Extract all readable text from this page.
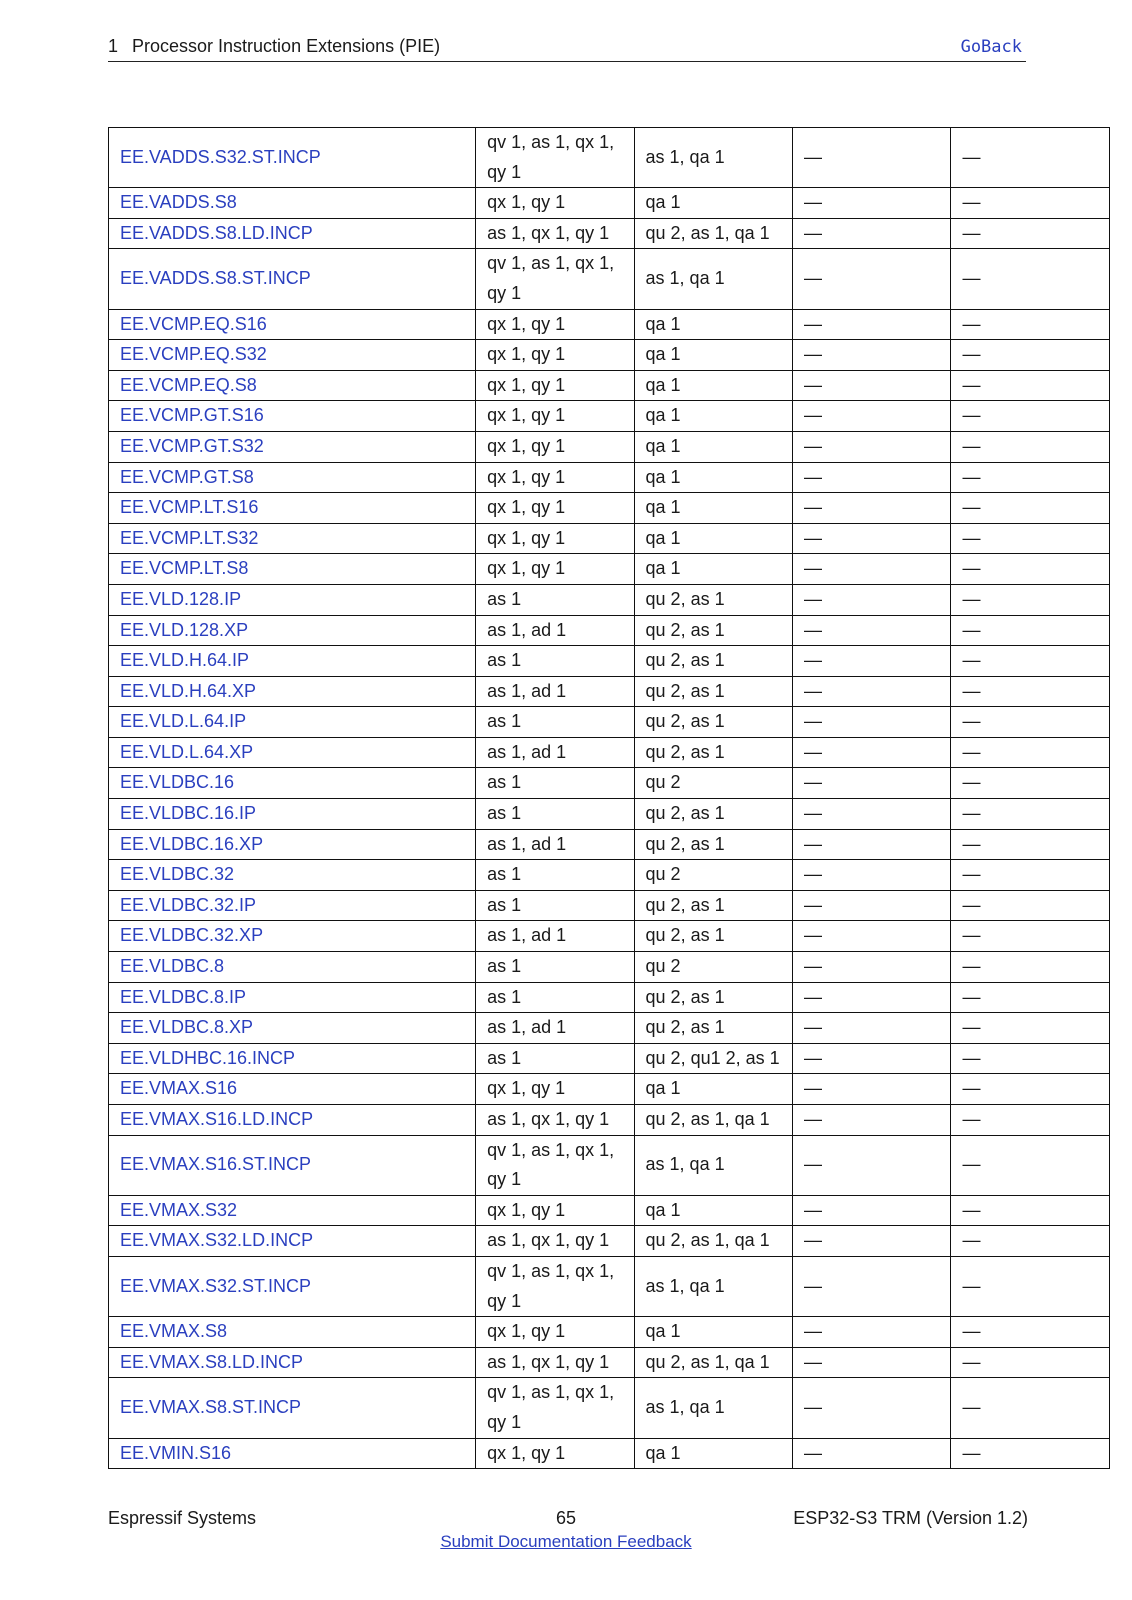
1 Processor Instruction Extensions (PIE)	GoBack
EE.VADDS.S32.ST.INCP	qv 1, as 1, qx 1, qy 1	as 1, qa 1	—	—
EE.VADDS.S8	qx 1, qy 1	qa 1	—	—
EE.VADDS.S8.LD.INCP	as 1, qx 1, qy 1	qu 2, as 1, qa 1	—	—
EE.VADDS.S8.ST.INCP	qv 1, as 1, qx 1, qy 1	as 1, qa 1	—	—
EE.VCMP.EQ.S16	qx 1, qy 1	qa 1	—	—
EE.VCMP.EQ.S32	qx 1, qy 1	qa 1	—	—
EE.VCMP.EQ.S8	qx 1, qy 1	qa 1	—	—
EE.VCMP.GT.S16	qx 1, qy 1	qa 1	—	—
EE.VCMP.GT.S32	qx 1, qy 1	qa 1	—	—
EE.VCMP.GT.S8	qx 1, qy 1	qa 1	—	—
EE.VCMP.LT.S16	qx 1, qy 1	qa 1	—	—
EE.VCMP.LT.S32	qx 1, qy 1	qa 1	—	—
EE.VCMP.LT.S8	qx 1, qy 1	qa 1	—	—
EE.VLD.128.IP	as 1	qu 2, as 1	—	—
EE.VLD.128.XP	as 1, ad 1	qu 2, as 1	—	—
EE.VLD.H.64.IP	as 1	qu 2, as 1	—	—
EE.VLD.H.64.XP	as 1, ad 1	qu 2, as 1	—	—
EE.VLD.L.64.IP	as 1	qu 2, as 1	—	—
EE.VLD.L.64.XP	as 1, ad 1	qu 2, as 1	—	—
EE.VLDBC.16	as 1	qu 2	—	—
EE.VLDBC.16.IP	as 1	qu 2, as 1	—	—
EE.VLDBC.16.XP	as 1, ad 1	qu 2, as 1	—	—
EE.VLDBC.32	as 1	qu 2	—	—
EE.VLDBC.32.IP	as 1	qu 2, as 1	—	—
EE.VLDBC.32.XP	as 1, ad 1	qu 2, as 1	—	—
EE.VLDBC.8	as 1	qu 2	—	—
EE.VLDBC.8.IP	as 1	qu 2, as 1	—	—
EE.VLDBC.8.XP	as 1, ad 1	qu 2, as 1	—	—
EE.VLDHBC.16.INCP	as 1	qu 2, qu1 2, as 1	—	—
EE.VMAX.S16	qx 1, qy 1	qa 1	—	—
EE.VMAX.S16.LD.INCP	as 1, qx 1, qy 1	qu 2, as 1, qa 1	—	—
EE.VMAX.S16.ST.INCP	qv 1, as 1, qx 1, qy 1	as 1, qa 1	—	—
EE.VMAX.S32	qx 1, qy 1	qa 1	—	—
EE.VMAX.S32.LD.INCP	as 1, qx 1, qy 1	qu 2, as 1, qa 1	—	—
EE.VMAX.S32.ST.INCP	qv 1, as 1, qx 1, qy 1	as 1, qa 1	—	—
EE.VMAX.S8	qx 1, qy 1	qa 1	—	—
EE.VMAX.S8.LD.INCP	as 1, qx 1, qy 1	qu 2, as 1, qa 1	—	—
EE.VMAX.S8.ST.INCP	qv 1, as 1, qx 1, qy 1	as 1, qa 1	—	—
EE.VMIN.S16	qx 1, qy 1	qa 1	—	—
Espressif Systems	65	ESP32-S3 TRM (Version 1.2)
Submit Documentation Feedback
